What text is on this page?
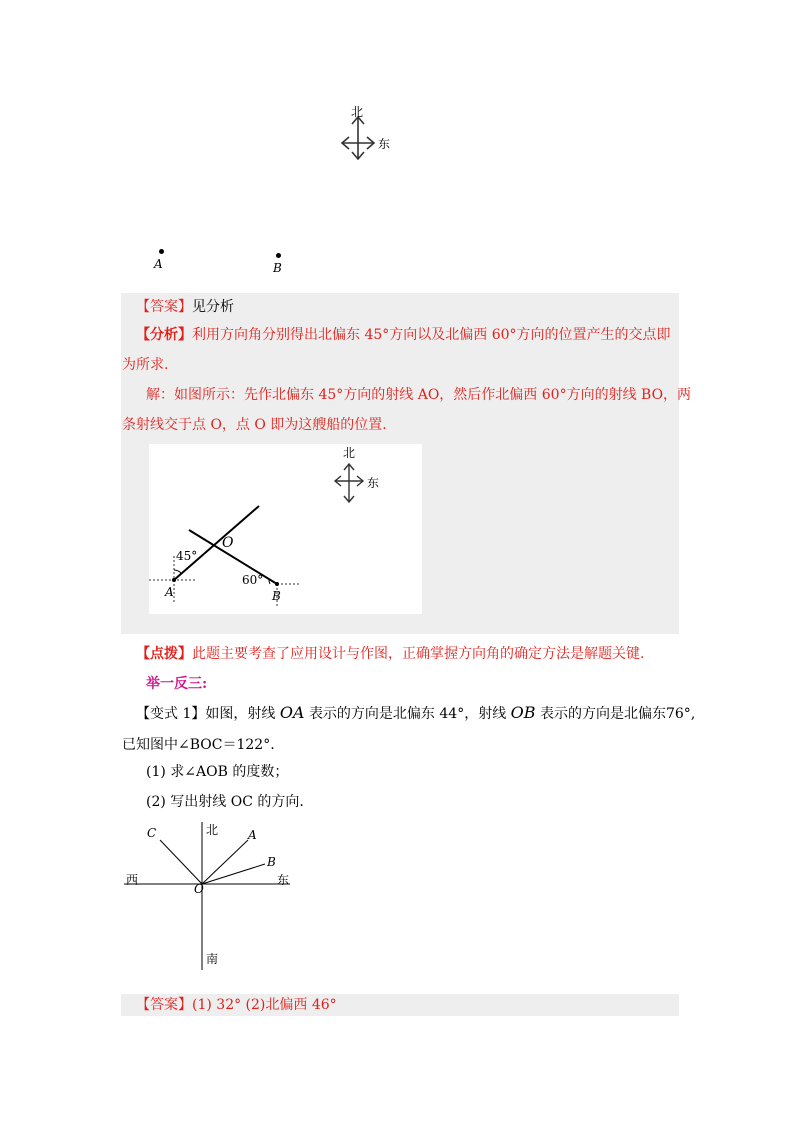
北
东
A	B
【答案】见分析
【分析】利用方向角分别得出北偏东 45°方向以及北偏西 60°方向的位置产生的交点即
为所求.
解：如图所示：先作北偏东 45°方向的射线 AO，然后作北偏西 60°方向的射线 BO，两
条射线交于点 O，点 O 即为这艘船的位置.
北
东
45°
60°
O
A	B
【点拨】此题主要考查了应用设计与作图，正确掌握方向角的确定方法是解题关键.
举一反三:
【变式 1】如图，射线 OA 表示的方向是北偏东 44°，射线 OB 表示的方向是北偏东76°,
已知图中∠BOC＝122°.
(1) 求∠AOB 的度数；
(2) 写出射线 OC 的方向.
北
南
西	东
A
B
C
O
【答案】(1) 32° (2)北偏西 46°
